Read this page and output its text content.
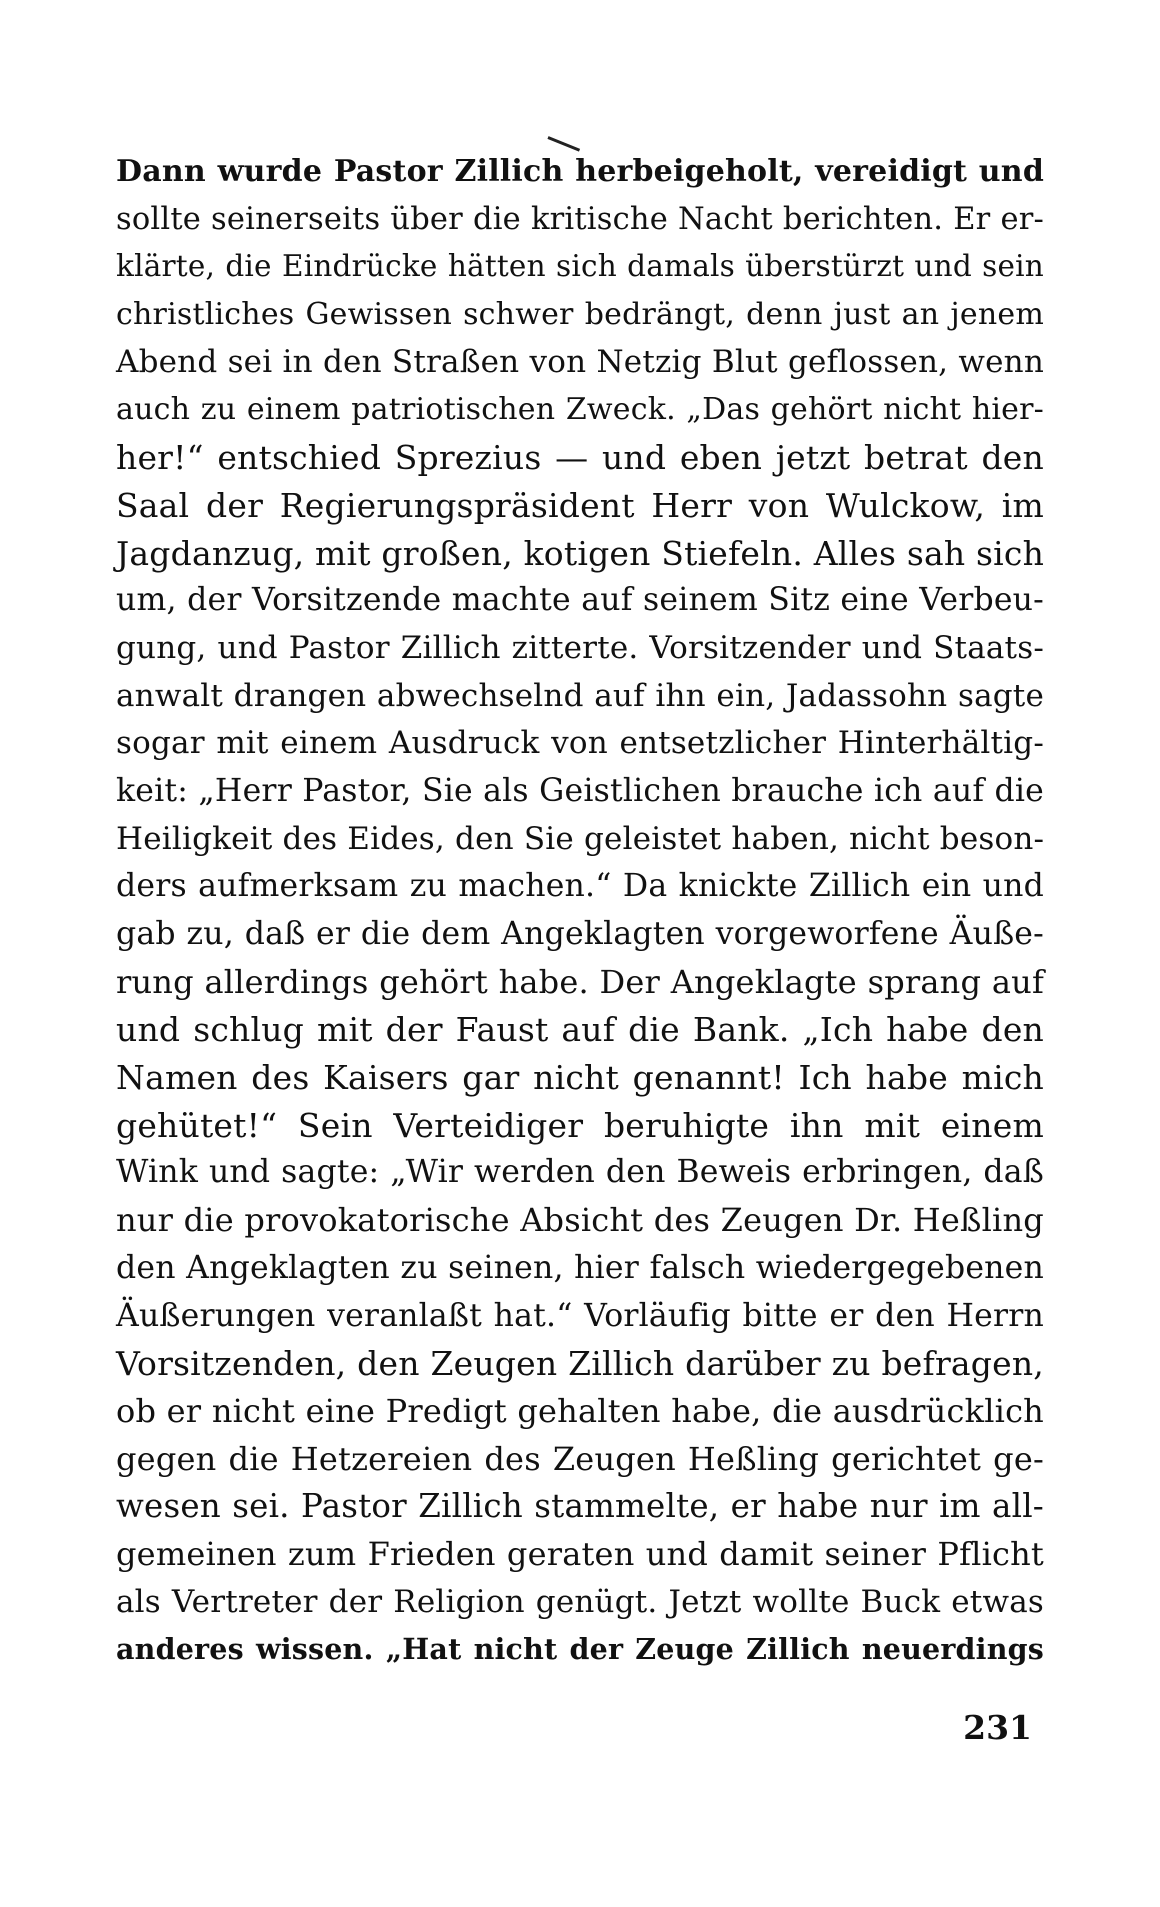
Dann wurde Pastor Zillich herbeigeholt, vereidigt und
sollte seinerseits über die kritische Nacht berichten. Er er-
klärte, die Eindrücke hätten sich damals überstürzt und sein
christliches Gewissen schwer bedrängt, denn just an jenem
Abend sei in den Straßen von Netzig Blut geflossen, wenn
auch zu einem patriotischen Zweck. „Das gehört nicht hier-
her!“ entschied Sprezius — und eben jetzt betrat den
Saal der Regierungspräsident Herr von Wulckow, im
Jagdanzug, mit großen, kotigen Stiefeln. Alles sah sich
um, der Vorsitzende machte auf seinem Sitz eine Verbeu-
gung, und Pastor Zillich zitterte. Vorsitzender und Staats-
anwalt drangen abwechselnd auf ihn ein, Jadassohn sagte
sogar mit einem Ausdruck von entsetzlicher Hinterhältig-
keit: „Herr Pastor, Sie als Geistlichen brauche ich auf die
Heiligkeit des Eides, den Sie geleistet haben, nicht beson-
ders aufmerksam zu machen.“ Da knickte Zillich ein und
gab zu, daß er die dem Angeklagten vorgeworfene Äuße-
rung allerdings gehört habe. Der Angeklagte sprang auf
und schlug mit der Faust auf die Bank. „Ich habe den
Namen des Kaisers gar nicht genannt! Ich habe mich
gehütet!“ Sein Verteidiger beruhigte ihn mit einem
Wink und sagte: „Wir werden den Beweis erbringen, daß
nur die provokatorische Absicht des Zeugen Dr. Heßling
den Angeklagten zu seinen, hier falsch wiedergegebenen
Äußerungen veranlaßt hat.“ Vorläufig bitte er den Herrn
Vorsitzenden, den Zeugen Zillich darüber zu befragen,
ob er nicht eine Predigt gehalten habe, die ausdrücklich
gegen die Hetzereien des Zeugen Heßling gerichtet ge-
wesen sei. Pastor Zillich stammelte, er habe nur im all-
gemeinen zum Frieden geraten und damit seiner Pflicht
als Vertreter der Religion genügt. Jetzt wollte Buck etwas
anderes wissen. „Hat nicht der Zeuge Zillich neuerdings
231
